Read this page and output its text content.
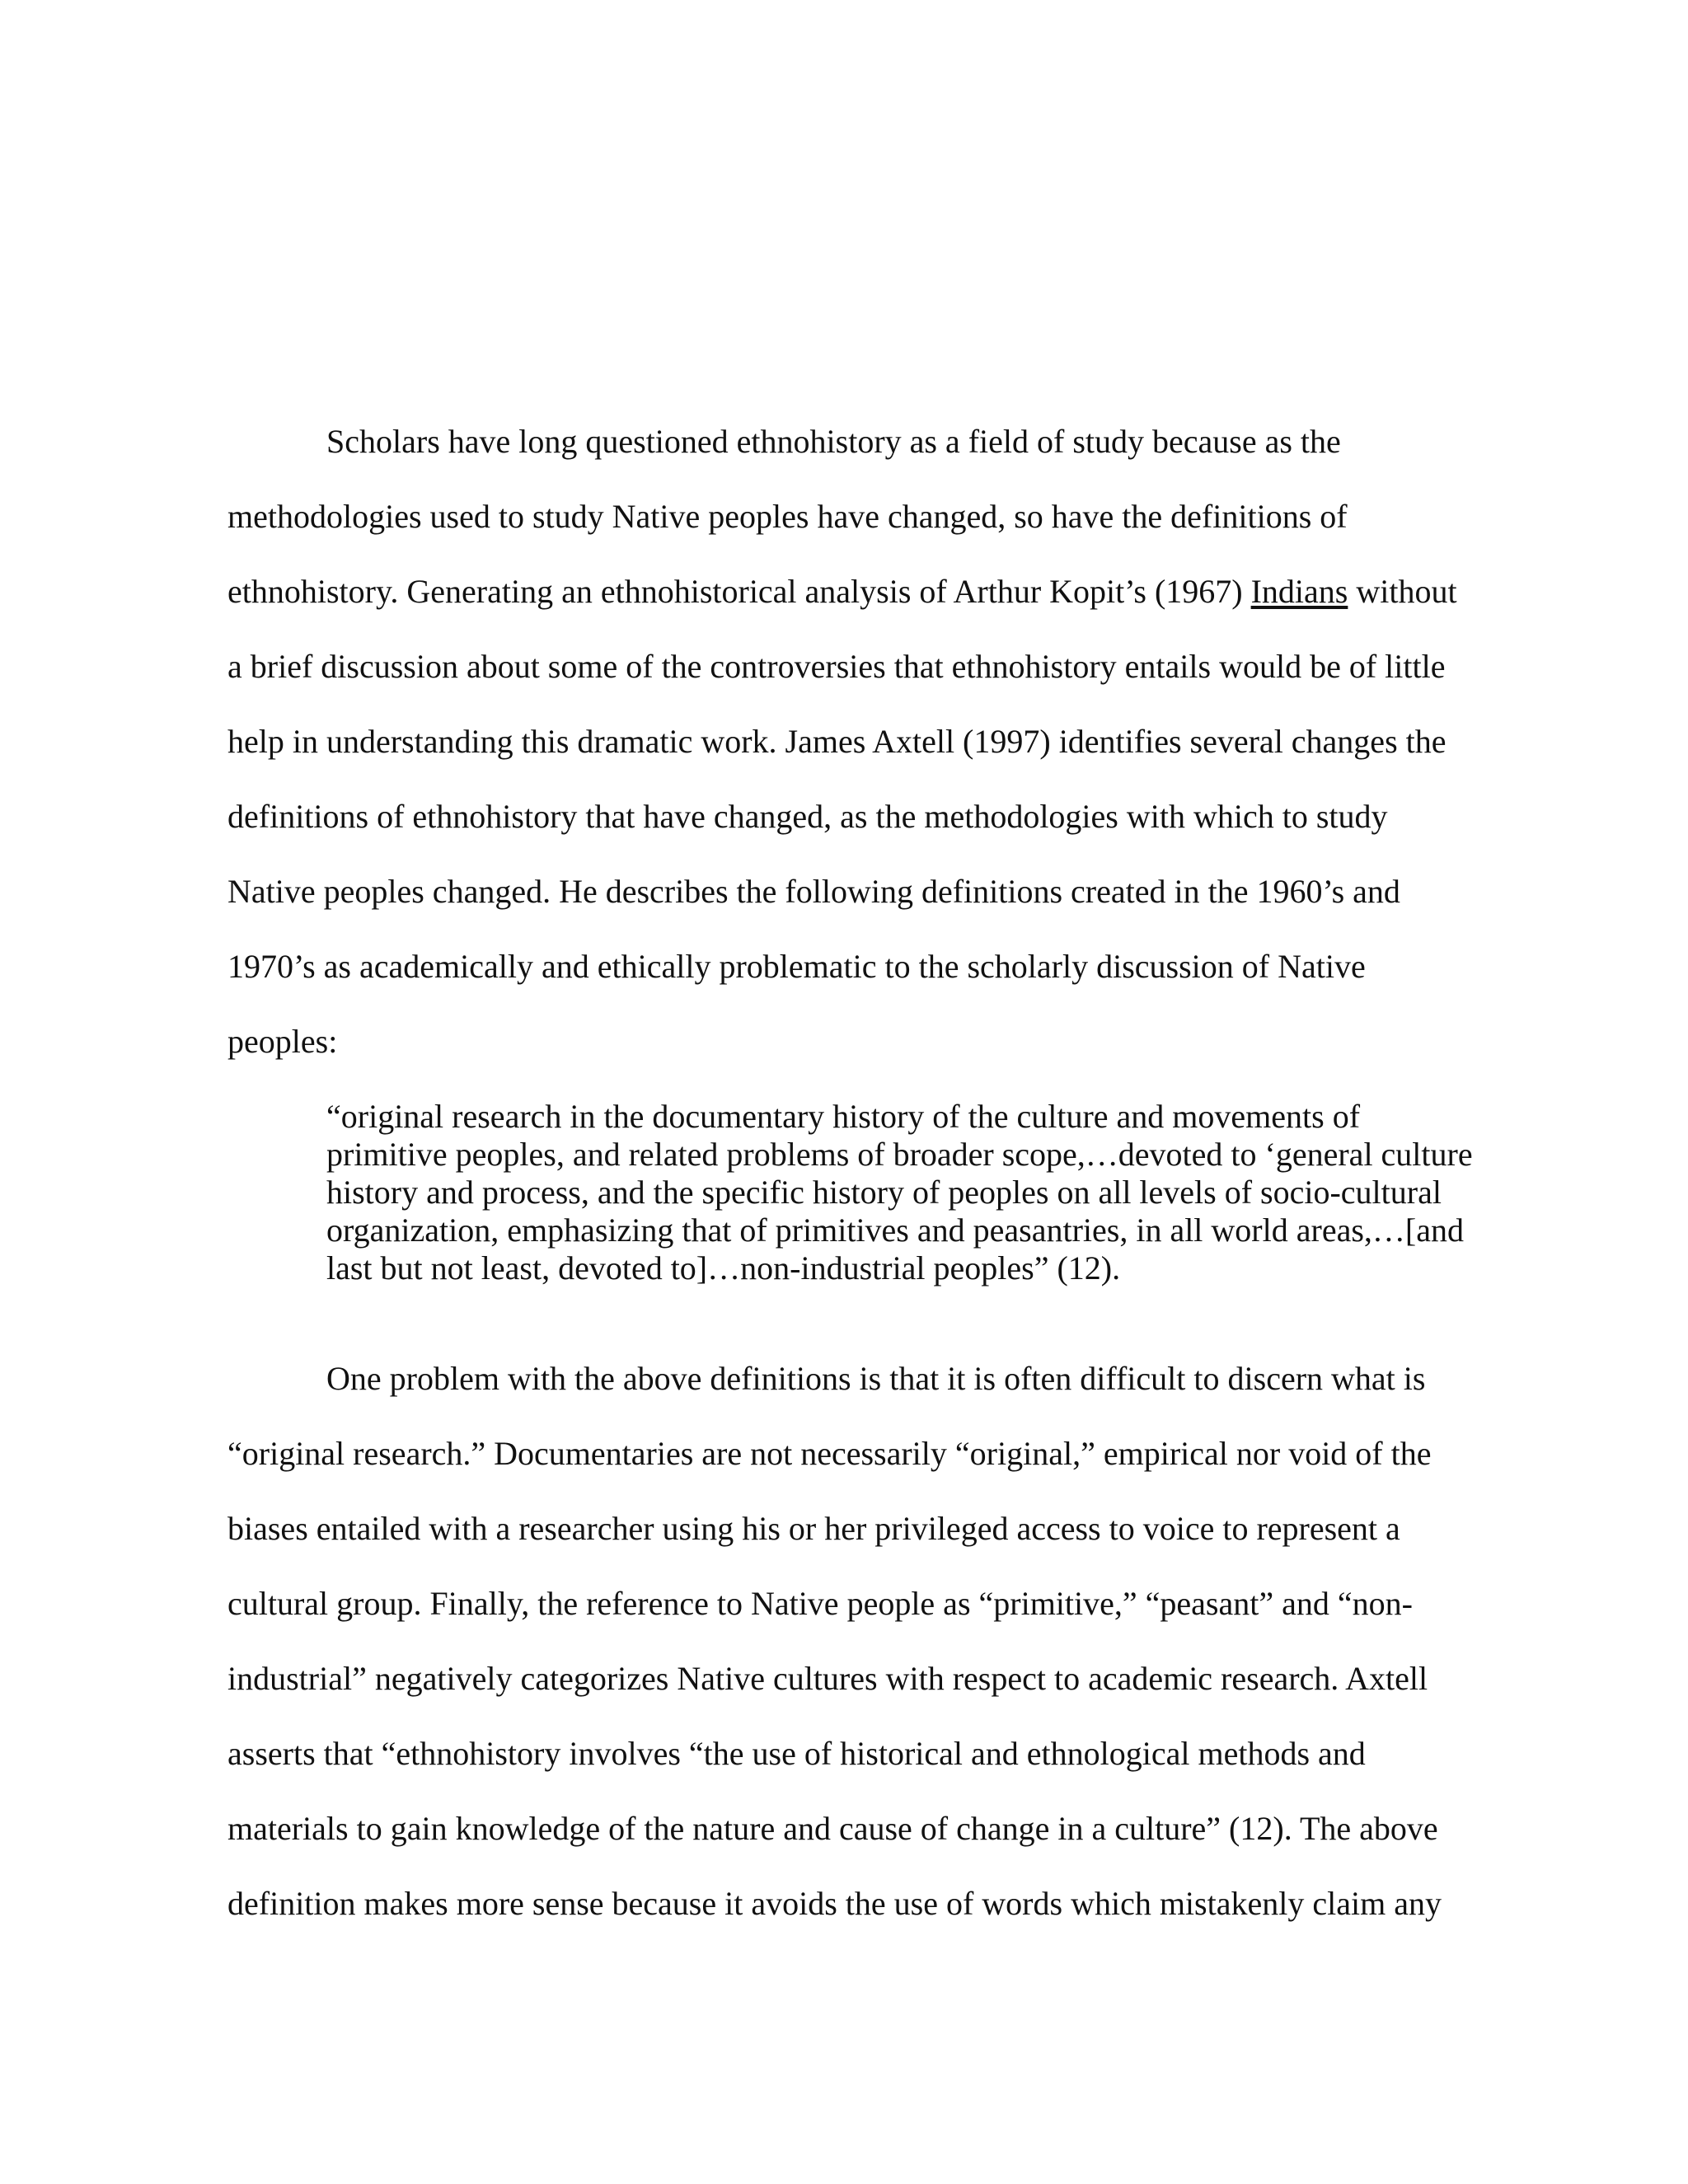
Scholars have long questioned ethnohistory as a field of study because as the

methodologies used to study Native peoples have changed, so have the definitions of

ethnohistory. Generating an ethnohistorical analysis of Arthur Kopit’s (1967) Indians without

a brief discussion about some of the controversies that ethnohistory entails would be of little

help in understanding this dramatic work. James Axtell (1997) identifies several changes the

definitions of ethnohistory that have changed, as the methodologies with which to study

Native peoples changed. He describes the following definitions created in the 1960’s and

1970’s as academically and ethically problematic to the scholarly discussion of Native

peoples:

“original research in the documentary history of the culture and movements of

primitive peoples, and related problems of broader scope,…devoted to ‘general culture

history and process, and the specific history of peoples on all levels of socio-cultural

organization, emphasizing that of primitives and peasantries, in all world areas,…[and

last but not least, devoted to]…non-industrial peoples” (12).

One problem with the above definitions is that it is often difficult to discern what is

“original research.” Documentaries are not necessarily “original,” empirical nor void of the

biases entailed with a researcher using his or her privileged access to voice to represent a

cultural group. Finally, the reference to Native people as “primitive,” “peasant” and “non-

industrial” negatively categorizes Native cultures with respect to academic research. Axtell

asserts that “ethnohistory involves “the use of historical and ethnological methods and

materials to gain knowledge of the nature and cause of change in a culture” (12). The above

definition makes more sense because it avoids the use of words which mistakenly claim any
